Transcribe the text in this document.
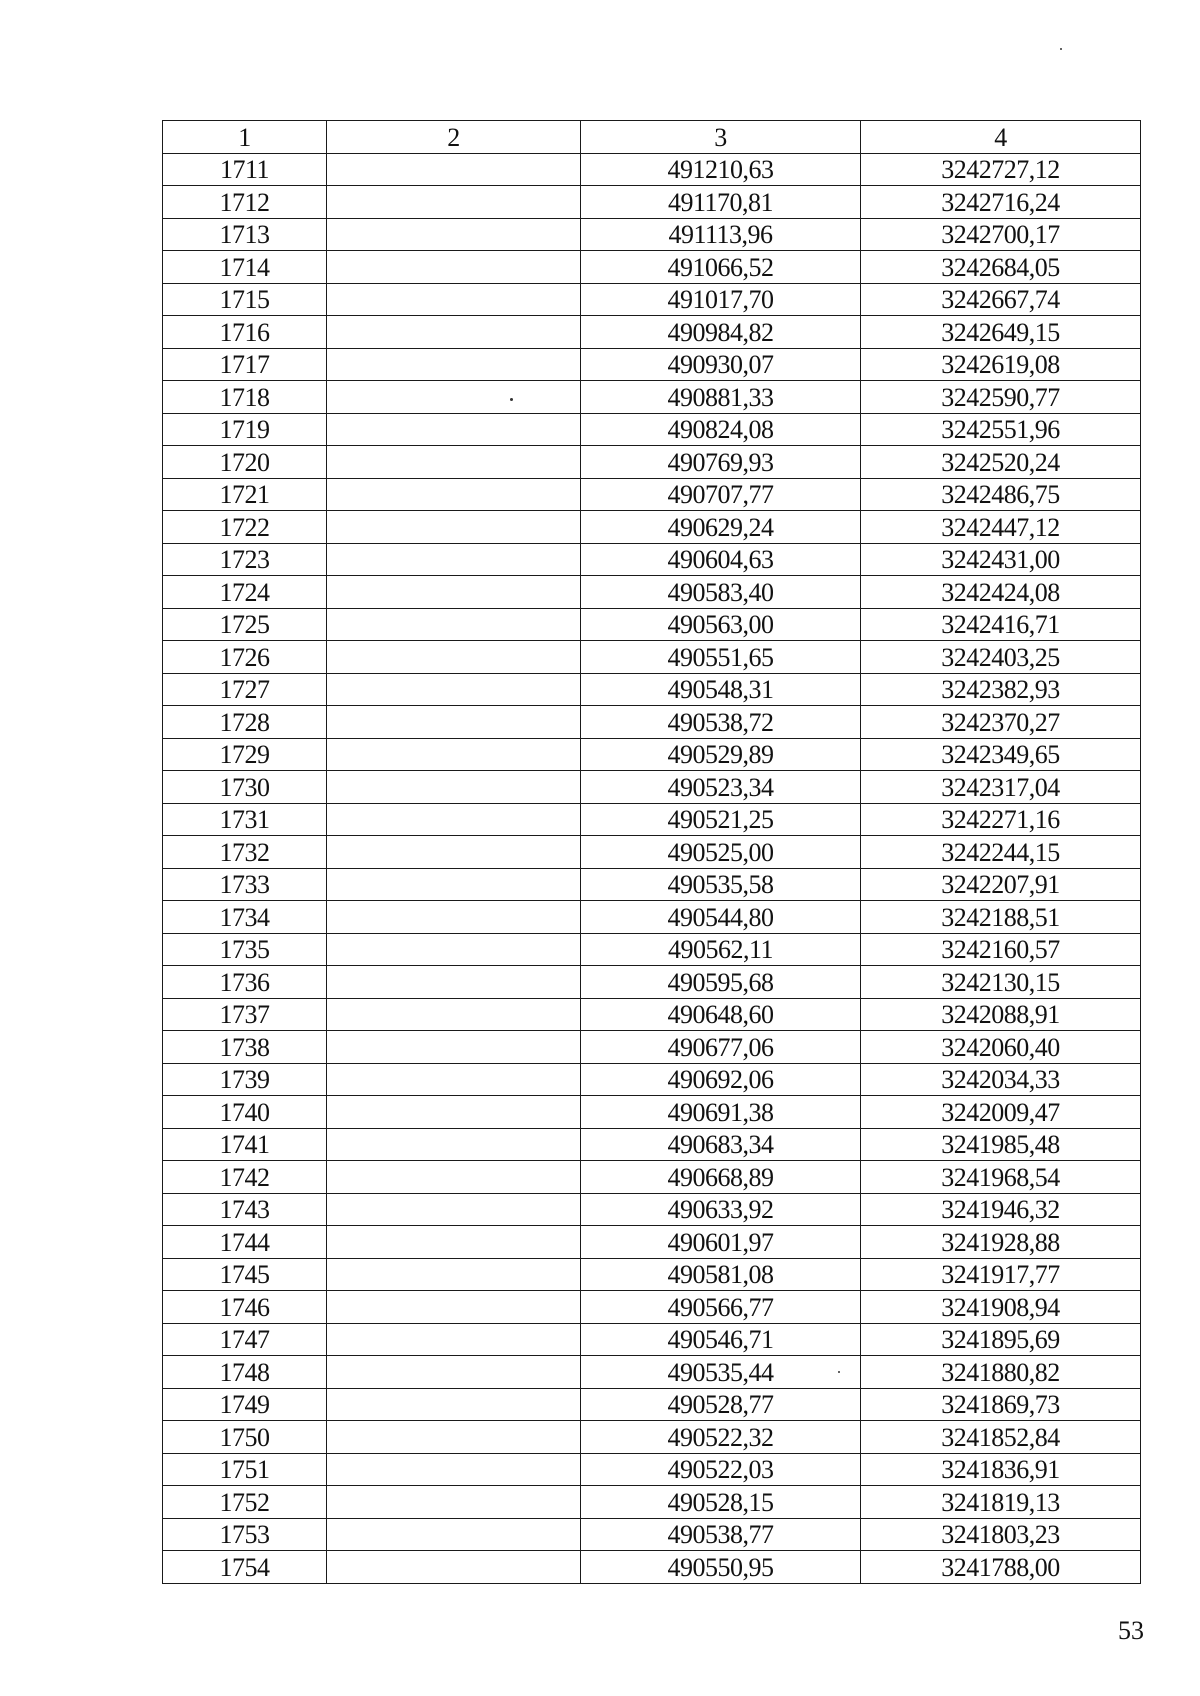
1	2	3	4
1711		491210,63	3242727,12
1712		491170,81	3242716,24
1713		491113,96	3242700,17
1714		491066,52	3242684,05
1715		491017,70	3242667,74
1716		490984,82	3242649,15
1717		490930,07	3242619,08
1718		490881,33	3242590,77
1719		490824,08	3242551,96
1720		490769,93	3242520,24
1721		490707,77	3242486,75
1722		490629,24	3242447,12
1723		490604,63	3242431,00
1724		490583,40	3242424,08
1725		490563,00	3242416,71
1726		490551,65	3242403,25
1727		490548,31	3242382,93
1728		490538,72	3242370,27
1729		490529,89	3242349,65
1730		490523,34	3242317,04
1731		490521,25	3242271,16
1732		490525,00	3242244,15
1733		490535,58	3242207,91
1734		490544,80	3242188,51
1735		490562,11	3242160,57
1736		490595,68	3242130,15
1737		490648,60	3242088,91
1738		490677,06	3242060,40
1739		490692,06	3242034,33
1740		490691,38	3242009,47
1741		490683,34	3241985,48
1742		490668,89	3241968,54
1743		490633,92	3241946,32
1744		490601,97	3241928,88
1745		490581,08	3241917,77
1746		490566,77	3241908,94
1747		490546,71	3241895,69
1748		490535,44	3241880,82
1749		490528,77	3241869,73
1750		490522,32	3241852,84
1751		490522,03	3241836,91
1752		490528,15	3241819,13
1753		490538,77	3241803,23
1754		490550,95	3241788,00
53
